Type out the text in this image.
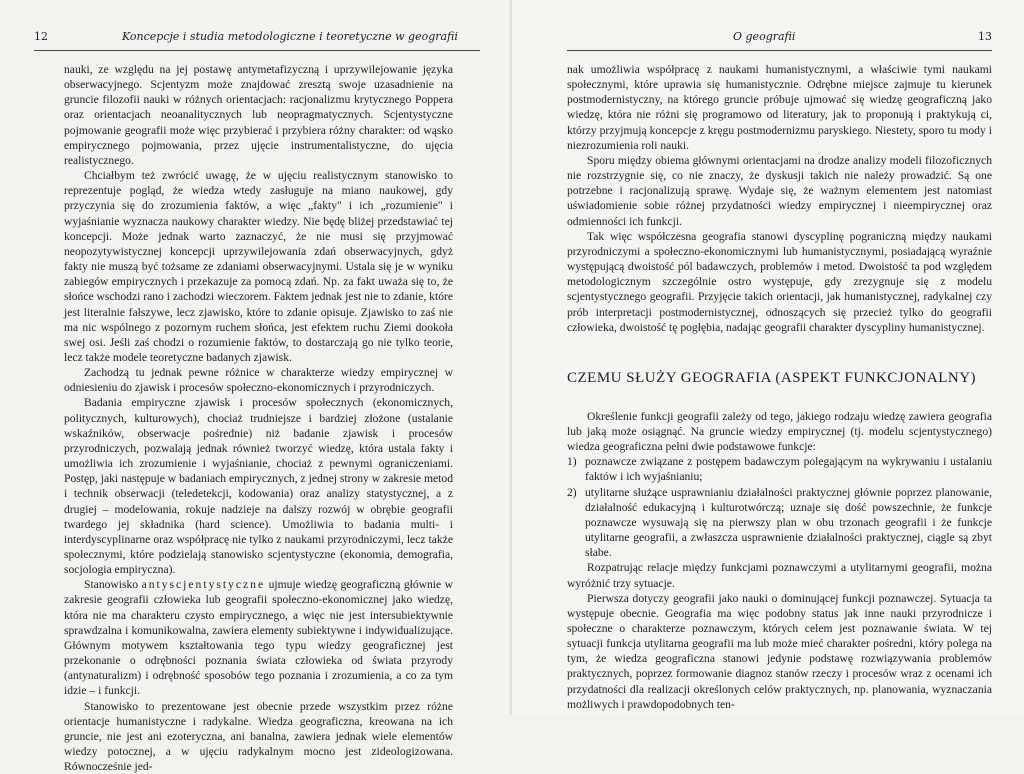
12	Koncepcje i studia metodologiczne i teoretyczne w geografii

nauki, ze względu na jej postawę antymetafizyczną i uprzywilejowanie języka obserwacyjnego. Scjentyzm może znajdować zresztą swoje uzasadnienie na gruncie filozofii nauki w różnych orientacjach: racjonalizmu krytycznego Poppera oraz orientacjach neoanalitycznych lub neopragmatycznych. Scjentystyczne pojmowanie geografii może więc przybierać i przybiera różny charakter: od wąsko empirycznego pojmowania, przez ujęcie instrumentalistyczne, do ujęcia realistycznego.

Chciałbym też zwrócić uwagę, że w ujęciu realistycznym stanowisko to reprezentuje pogląd, że wiedza wtedy zasługuje na miano naukowej, gdy przyczynia się do zrozumienia faktów, a więc „fakty" i ich „rozumienie" i wyjaśnianie wyznacza naukowy charakter wiedzy. Nie będę bliżej przedstawiać tej koncepcji. Może jednak warto zaznaczyć, że nie musi się przyjmować neopozytywistycznej koncepcji uprzywilejowania zdań obserwacyjnych, gdyż fakty nie muszą być tożsame ze zdaniami obserwacyjnymi. Ustala się je w wyniku zabiegów empirycznych i przekazuje za pomocą zdań. Np. za fakt uważa się to, że słońce wschodzi rano i zachodzi wieczorem. Faktem jednak jest nie to zdanie, które jest literalnie fałszywe, lecz zjawisko, które to zdanie opisuje. Zjawisko to zaś nie ma nic wspólnego z pozornym ruchem słońca, jest efektem ruchu Ziemi dookoła swej osi. Jeśli zaś chodzi o rozumienie faktów, to dostarczają go nie tylko teorie, lecz także modele teoretyczne badanych zjawisk.

Zachodzą tu jednak pewne różnice w charakterze wiedzy empirycznej w odniesieniu do zjawisk i procesów społeczno-ekonomicznych i przyrodniczych.

Badania empiryczne zjawisk i procesów społecznych (ekonomicznych, politycznych, kulturowych), chociaż trudniejsze i bardziej złożone (ustalanie wskaźników, obserwacje pośrednie) niż badanie zjawisk i procesów przyrodniczych, pozwalają jednak również tworzyć wiedzę, która ustala fakty i umożliwia ich zrozumienie i wyjaśnianie, chociaż z pewnymi ograniczeniami. Postęp, jaki następuje w badaniach empirycznych, z jednej strony w zakresie metod i technik obserwacji (teledetekcji, kodowania) oraz analizy statystycznej, a z drugiej – modelowania, rokuje nadzieje na dalszy rozwój w obrębie geografii twardego jej składnika (hard science). Umożliwia to badania multi- i interdyscyplinarne oraz współpracę nie tylko z naukami przyrodniczymi, lecz także społecznymi, które podzielają stanowisko scjentystyczne (ekonomia, demografia, socjologia empiryczna).

Stanowisko antyscjentystyczne ujmuje wiedzę geograficzną głównie w zakresie geografii człowieka lub geografii społeczno-ekonomicznej jako wiedzę, która nie ma charakteru czysto empirycznego, a więc nie jest intersubiektywnie sprawdzalna i komunikowalna, zawiera elementy subiektywne i indywidualizujące. Głównym motywem kształtowania tego typu wiedzy geograficznej jest przekonanie o odrębności poznania świata człowieka od świata przyrody (antynaturalizm) i odrębność sposobów tego poznania i zrozumienia, a co za tym idzie – i funkcji.

Stanowisko to prezentowane jest obecnie przede wszystkim przez różne orientacje humanistyczne i radykalne. Wiedza geograficzna, kreowana na ich gruncie, nie jest ani ezoteryczna, ani banalna, zawiera jednak wiele elementów wiedzy potocznej, a w ujęciu radykalnym mocno jest zideologizowana. Równocześnie jed-

O geografii	13

nak umożliwia współpracę z naukami humanistycznymi, a właściwie tymi naukami społecznymi, które uprawia się humanistycznie. Odrębne miejsce zajmuje tu kierunek postmodernistyczny, na którego gruncie próbuje ujmować się wiedzę geograficzną jako wiedzę, która nie różni się programowo od literatury, jak to proponują i praktykują ci, którzy przyjmują koncepcje z kręgu postmodernizmu paryskiego. Niestety, sporo tu mody i niezrozumienia roli nauki.

Sporu między obiema głównymi orientacjami na drodze analizy modeli filozoficznych nie rozstrzygnie się, co nie znaczy, że dyskusji takich nie należy prowadzić. Są one potrzebne i racjonalizują sprawę. Wydaje się, że ważnym elementem jest natomiast uświadomienie sobie różnej przydatności wiedzy empirycznej i nieempirycznej oraz odmienności ich funkcji.

Tak więc współczesna geografia stanowi dyscyplinę pograniczną między naukami przyrodniczymi a społeczno-ekonomicznymi lub humanistycznymi, posiadającą wyraźnie występującą dwoistość pól badawczych, problemów i metod. Dwoistość ta pod względem metodologicznym szczególnie ostro występuje, gdy zrezygnuje się z modelu scjentystycznego geografii. Przyjęcie takich orientacji, jak humanistycznej, radykalnej czy prób interpretacji postmodernistycznej, odnoszących się przecież tylko do geografii człowieka, dwoistość tę pogłębia, nadając geografii charakter dyscypliny humanistycznej.

CZEMU SŁUŻY GEOGRAFIA (ASPEKT FUNKCJONALNY)

Określenie funkcji geografii zależy od tego, jakiego rodzaju wiedzę zawiera geografia lub jaką może osiągnąć. Na gruncie wiedzy empirycznej (tj. modelu scjentystycznego) wiedza geograficzna pełni dwie podstawowe funkcje:

1) poznawcze związane z postępem badawczym polegającym na wykrywaniu i ustalaniu faktów i ich wyjaśnianiu;
2) utylitarne służące usprawnianiu działalności praktycznej głównie poprzez planowanie, działalność edukacyjną i kulturotwórczą; uznaje się dość powszechnie, że funkcje poznawcze wysuwają się na pierwszy plan w obu trzonach geografii i że funkcje utylitarne geografii, a zwłaszcza usprawnienie działalności praktycznej, ciągle są zbyt słabe.

Rozpatrując relacje między funkcjami poznawczymi a utylitarnymi geografii, można wyróżnić trzy sytuacje.

Pierwsza dotyczy geografii jako nauki o dominującej funkcji poznawczej. Sytuacja ta występuje obecnie. Geografia ma więc podobny status jak inne nauki przyrodnicze i społeczne o charakterze poznawczym, których celem jest poznawanie świata. W tej sytuacji funkcja utylitarna geografii ma lub może mieć charakter pośredni, który polega na tym, że wiedza geograficzna stanowi jedynie podstawę rozwiązywania problemów praktycznych, poprzez formowanie diagnoz stanów rzeczy i procesów wraz z ocenami ich przydatności dla realizacji określonych celów praktycznych, np. planowania, wyznaczania możliwych i prawdopodobnych ten-
